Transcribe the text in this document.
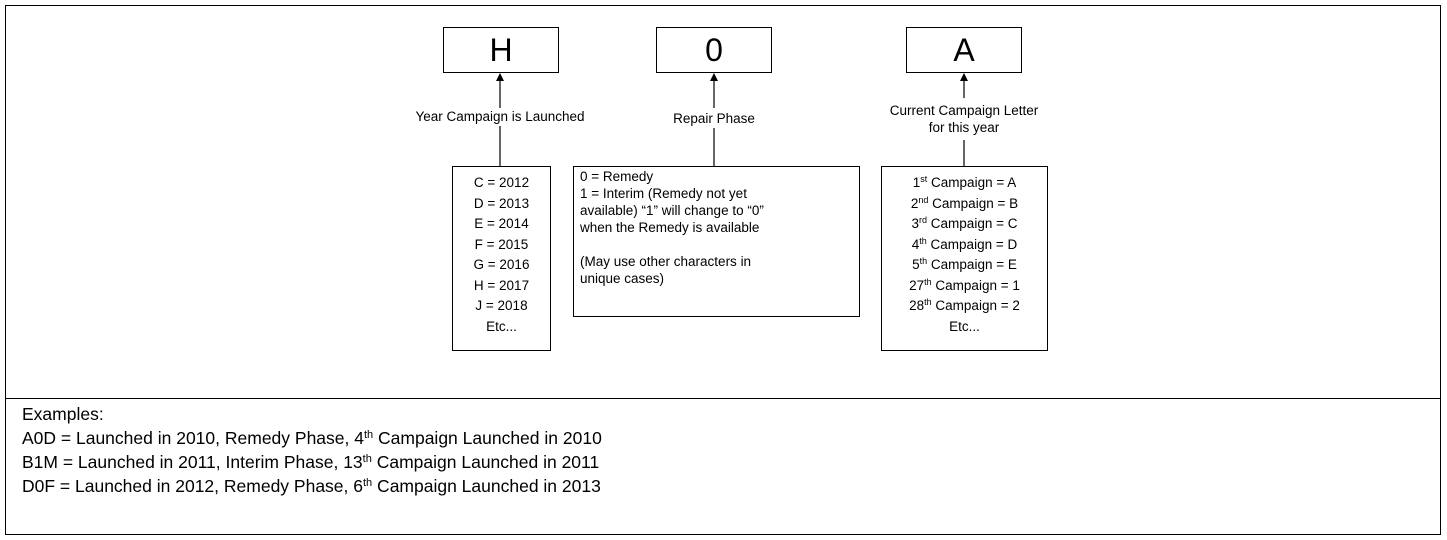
H	0	A
Year Campaign is Launched	Repair Phase
Current Campaign Letter
for this year
C = 2012
D = 2013
E = 2014
F = 2015
G = 2016
H = 2017
J = 2018
Etc...
0 = Remedy
1 = Interim (Remedy not yet
available) “1” will change to “0”
when the Remedy is available
(May use other characters in
unique cases)
1st Campaign = A
2nd Campaign = B
3rd Campaign = C
4th Campaign = D
5th Campaign = E
27th Campaign = 1
28th Campaign = 2
Etc...
Examples:
A0D = Launched in 2010, Remedy Phase, 4th Campaign Launched in 2010
B1M = Launched in 2011, Interim Phase, 13th Campaign Launched in 2011
D0F = Launched in 2012, Remedy Phase, 6th Campaign Launched in 2013
